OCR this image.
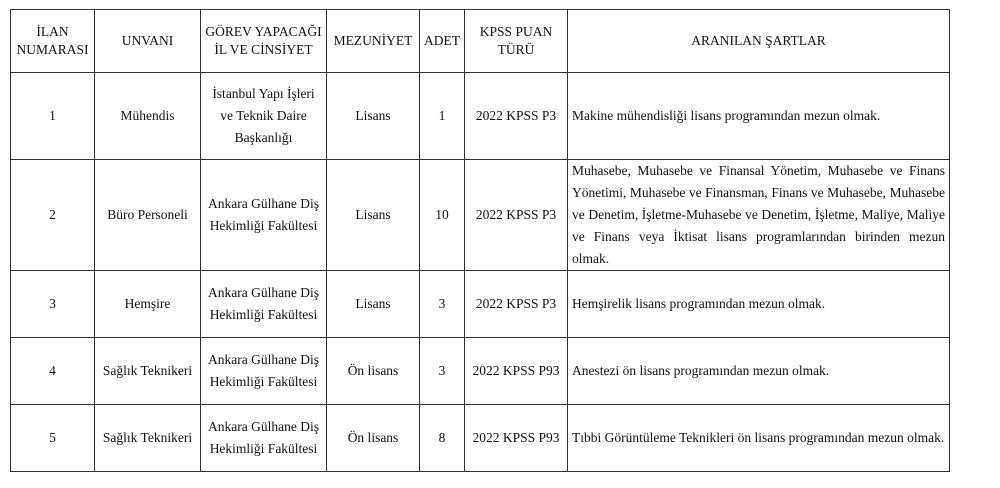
İLAN NUMARASI	UNVANI	GÖREV YAPACAĞI İL VE CİNSİYET	MEZUNİYET	ADET	KPSS PUAN TÜRÜ	ARANILAN ŞARTLAR
1	Mühendis	İstanbul Yapı İşleri ve Teknik Daire Başkanlığı	Lisans	1	2022 KPSS P3	Makine mühendisliği lisans programından mezun olmak.
2	Büro Personeli	Ankara Gülhane Diş Hekimliği Fakültesi	Lisans	10	2022 KPSS P3	Muhasebe, Muhasebe ve Finansal Yönetim, Muhasebe ve Finans Yönetimi, Muhasebe ve Finansman, Finans ve Muhasebe, Muhasebe ve Denetim, İşletme-Muhasebe ve Denetim, İşletme, Maliye, Maliye ve Finans veya İktisat lisans programlarından birinden mezun olmak.
3	Hemşire	Ankara Gülhane Diş Hekimliği Fakültesi	Lisans	3	2022 KPSS P3	Hemşirelik lisans programından mezun olmak.
4	Sağlık Teknikeri	Ankara Gülhane Diş Hekimliği Fakültesi	Ön lisans	3	2022 KPSS P93	Anestezi ön lisans programından mezun olmak.
5	Sağlık Teknikeri	Ankara Gülhane Diş Hekimliği Fakültesi	Ön lisans	8	2022 KPSS P93	Tıbbi Görüntüleme Teknikleri ön lisans programından mezun olmak.
